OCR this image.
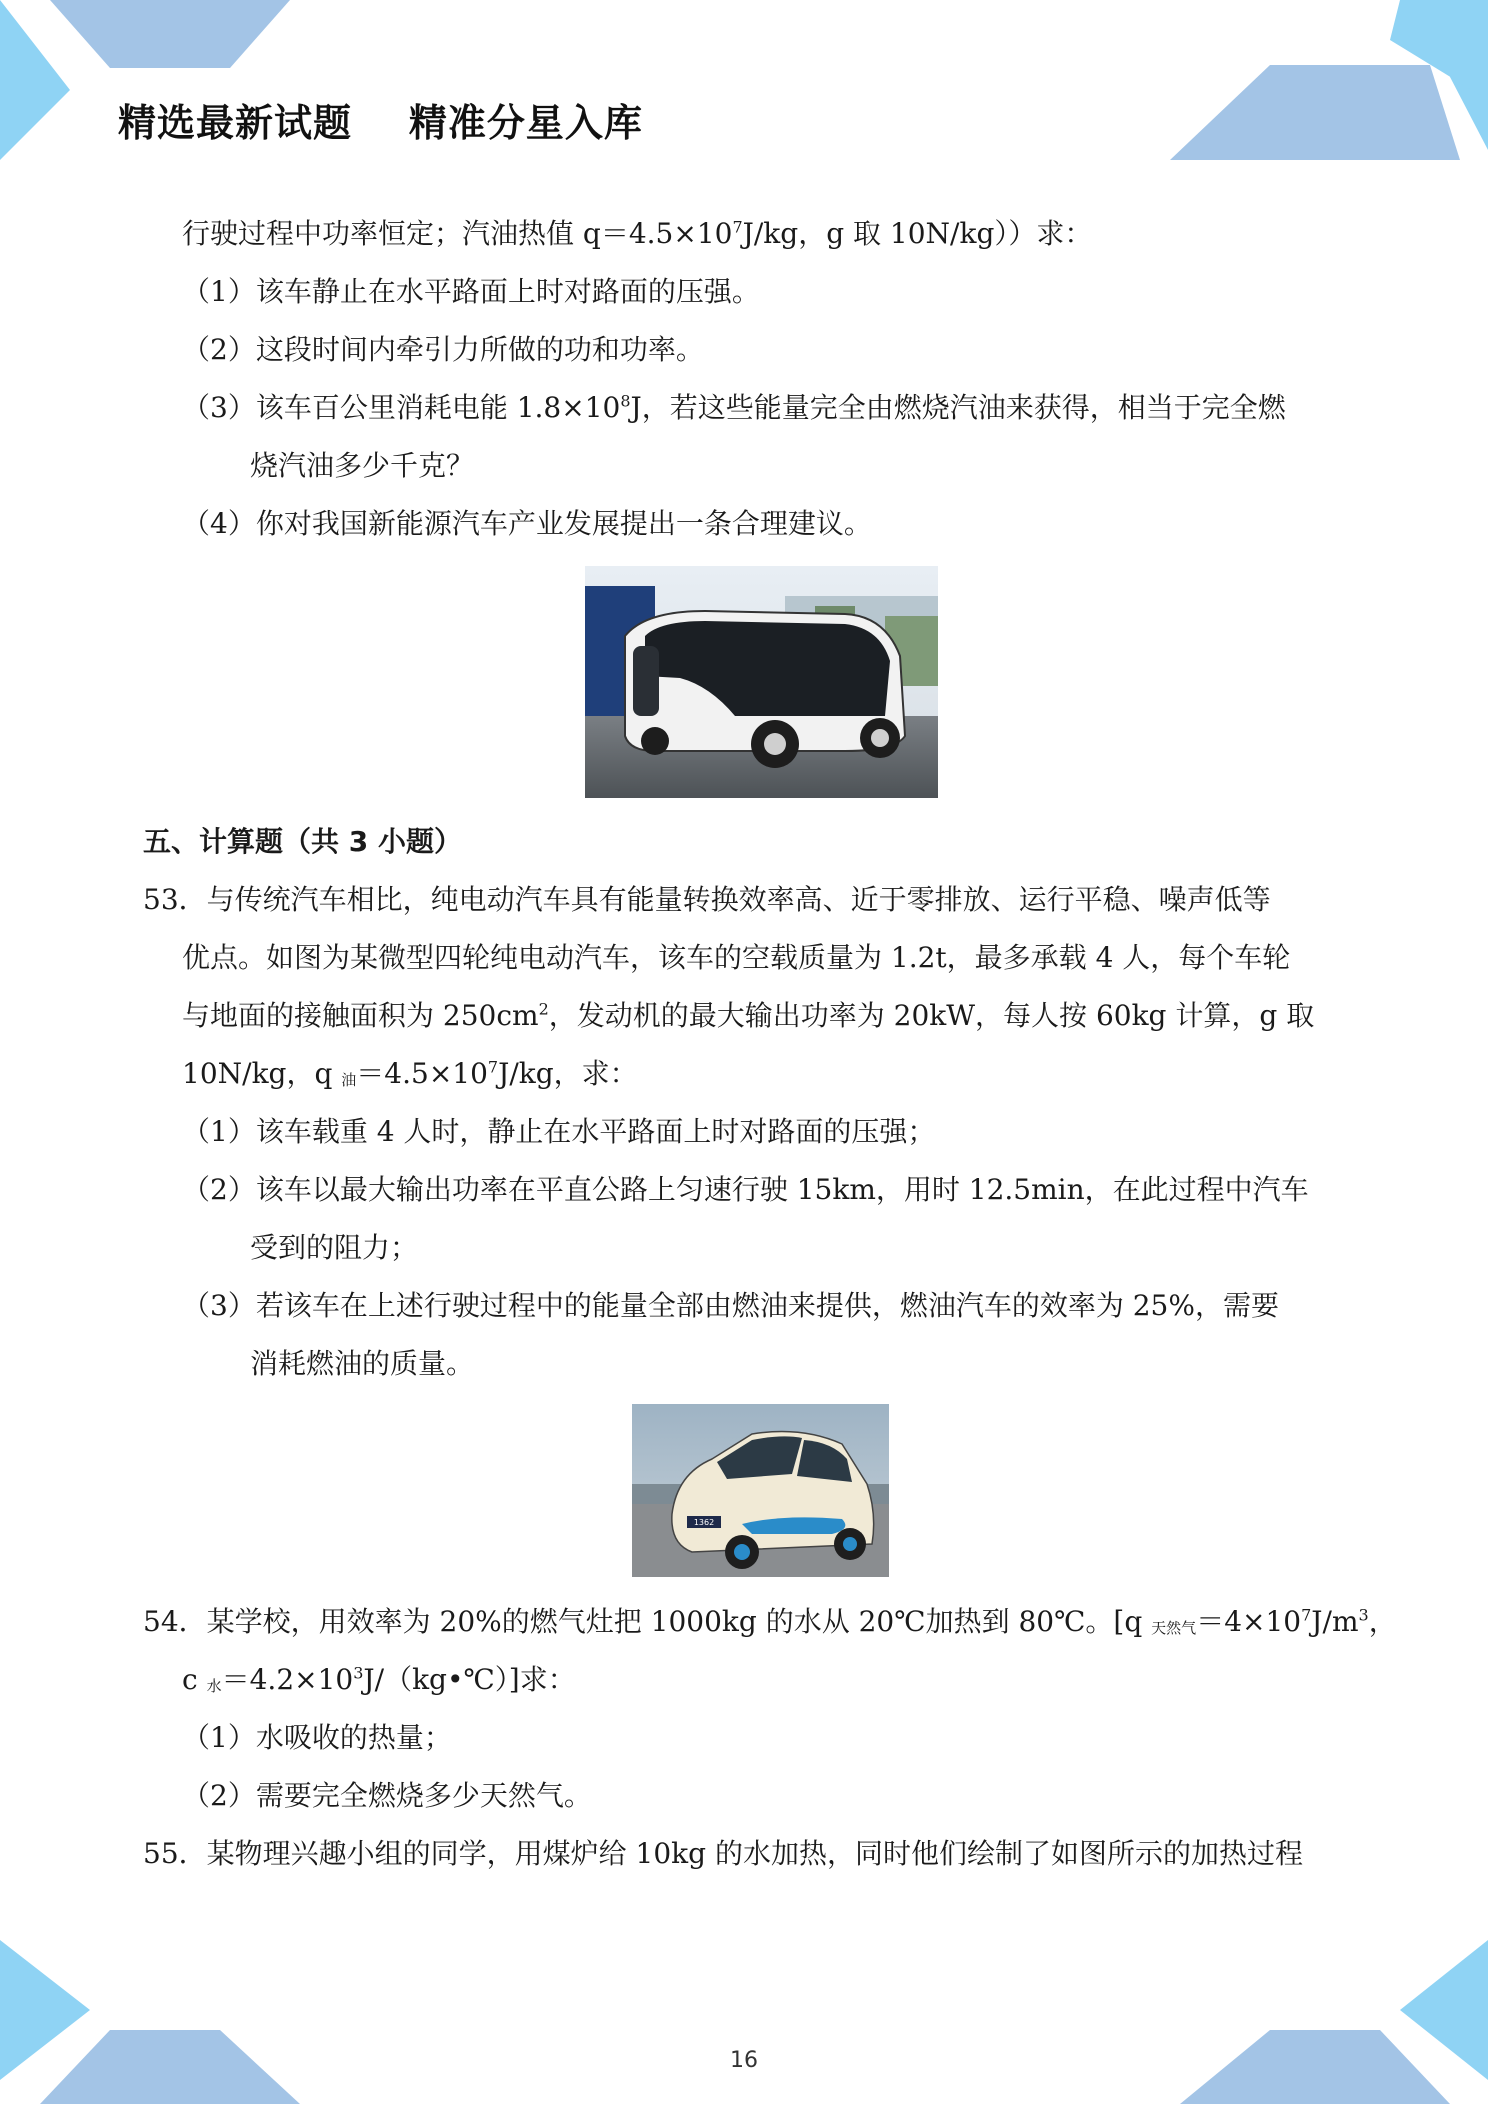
精选最新试题    精准分星入库
行驶过程中功率恒定；汽油热值 $q=4.5\times 10^7J/kg$，g 取 10N/kg））求：
（1）该车静止在水平路面上时对路面的压强。
（2）这段时间内牵引力所做的功和功率。
（3）该车百公里消耗电能 $1.8\times 10^8J$，若这些能量完全由燃烧汽油来获得，相当于完全燃
烧汽油多少千克？
（4）你对我国新能源汽车产业发展提出一条合理建议。
五、计算题（共 3 小题）
53．与传统汽车相比，纯电动汽车具有能量转换效率高、近于零排放、运行平稳、噪声低等
优点。如图为某微型四轮纯电动汽车，该车的空载质量为 1.2t，最多承载 4 人，每个车轮
与地面的接触面积为 $250cm^2$，发动机的最大输出功率为 20kW，每人按 60kg 计算，g 取
10N/kg，q $_油=4.5\times 10^7J/kg$，求：
（1）该车载重 4 人时，静止在水平路面上时对路面的压强；
（2）该车以最大输出功率在平直公路上匀速行驶 15km，用时 12.5min，在此过程中汽车
受到的阻力；
（3）若该车在上述行驶过程中的能量全部由燃油来提供，燃油汽车的效率为 25%，需要
消耗燃油的质量。
1362
54．某学校，用效率为 20%的燃气灶把 1000kg 的水从 20℃加热到 80℃。[q $_{天然气}=4\times 10^7J/m^3$，
c $_水=4.2\times 10^3J/(kg•℃)$]求：
（1）水吸收的热量；
（2）需要完全燃烧多少天然气。
55．某物理兴趣小组的同学，用煤炉给 10kg 的水加热，同时他们绘制了如图所示的加热过程
16
